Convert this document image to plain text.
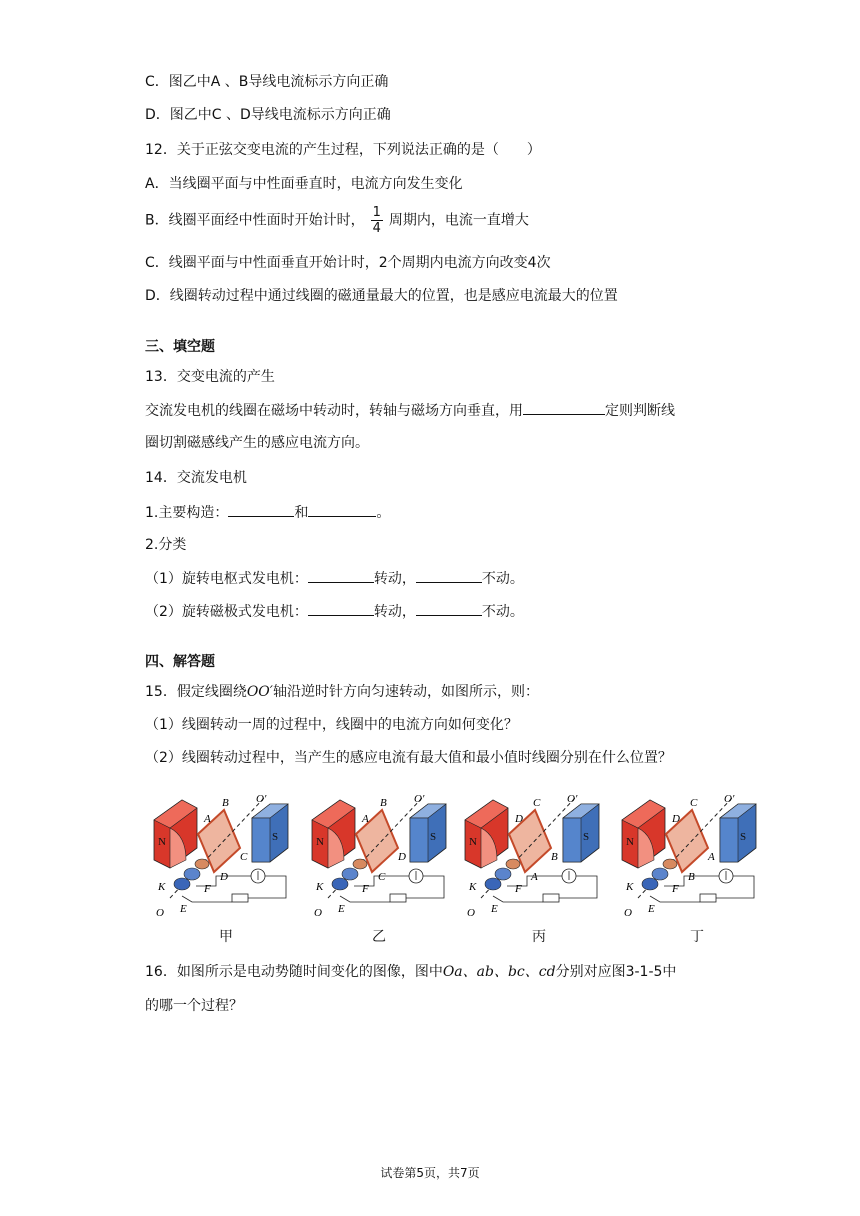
C．图乙中A 、B导线电流标示方向正确
D．图乙中C 、D导线电流标示方向正确
12．关于正弦交变电流的产生过程，下列说法正确的是（　　）
A．当线圈平面与中性面垂直时，电流方向发生变化
B．线圈平面经中性面时开始计时， $\frac{1}{4}$ 周期内，电流一直增大
C．线圈平面与中性面垂直开始计时，2个周期内电流方向改变4次
D．线圈转动过程中通过线圈的磁通量最大的位置，也是感应电流最大的位置
三、填空题
13．交变电流的产生
交流发电机的线圈在磁场中转动时，转轴与磁场方向垂直，用	定则判断线
圈切割磁感线产生的感应电流方向。
14．交流发电机
1.主要构造：	和	。
2.分类
（1）旋转电枢式发电机：	转动，	不动。
（2）旋转磁极式发电机：	转动，	不动。
四、解答题
15．假定线圈绕OO′轴沿逆时针方向匀速转动，如图所示，则：
（1）线圈转动一周的过程中，线圈中的电流方向如何变化？
（2）线圈转动过程中，当产生的感应电流有最大值和最小值时线圈分别在什么位置？
N	S
O′
O
K
E
F
B
A
C
D
N	S
O′
O
K
E
F
B
A
D
C
N	S
O′
O
K
E
F
C
D
B
A
N	S
O′
O
K
E
F
C
D
A
B
甲	乙	丙	丁
16．如图所示是电动势随时间变化的图像，图中Oa、ab、bc、cd分别对应图3-1-5中
的哪一个过程？
试卷第5页，共7页
